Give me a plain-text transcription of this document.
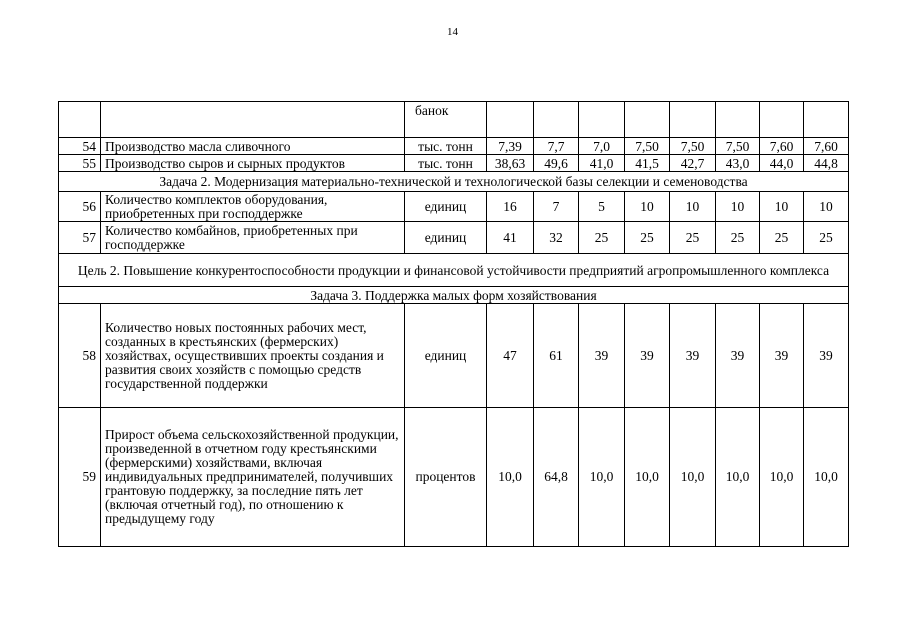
14

		банок								

54	Производство масла сливочного	тыс. тонн	7,39	7,7	7,0	7,50	7,50	7,50	7,60	7,60
55	Производство сыров и сырных продуктов	тыс. тонн	38,63	49,6	41,0	41,5	42,7	43,0	44,0	44,8
Задача 2. Модернизация материально-технической и технологической базы селекции и семеноводства										
56	Количество комплектов оборудования, приобретенных при господдержке	единиц	16	7	5	10	10	10	10	10
57	Количество комбайнов, приобретенных при господдержке	единиц	41	32	25	25	25	25	25	25
Цель 2. Повышение конкурентоспособности продукции и финансовой устойчивости предприятий агропромышленного комплекса										
Задача 3. Поддержка малых форм хозяйствования										
58	Количество новых постоянных рабочих мест, созданных в крестьянских (фермерских) хозяйствах, осуществивших проекты создания и развития своих хозяйств с помощью средств государственной поддержки	единиц	47	61	39	39	39	39	39	39
59	Прирост объема сельскохозяйственной продукции, произведенной в отчетном году крестьянскими (фермерскими) хозяйствами, включая индивидуальных предпринимателей, получивших грантовую поддержку, за последние пять лет (включая отчетный год), по отношению к предыдущему году	процентов	10,0	64,8	10,0	10,0	10,0	10,0	10,0	10,0
